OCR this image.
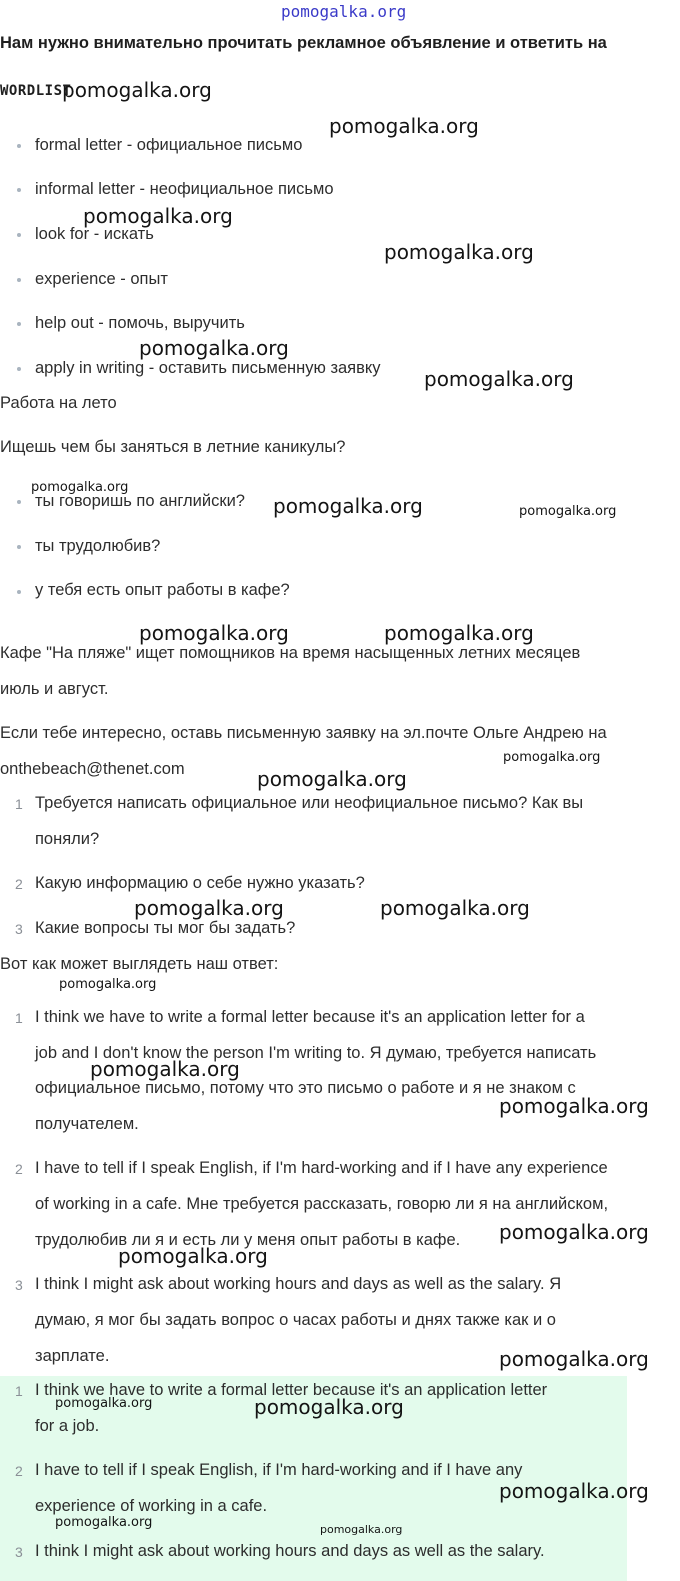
pomogalka.org
Нам нужно внимательно прочитать рекламное объявление и ответить на
WORDLIST
formal letter - официальное письмо
informal letter - неофициальное письмо
look for - искать
experience - опыт
help out - помочь, выручить
apply in writing - оставить письменную заявку
Работа на лето
Ищешь чем бы заняться в летние каникулы?
ты говоришь по английски?
ты трудолюбив?
у тебя есть опыт работы в кафе?
Кафе "На пляже" ищет помощников на время насыщенных летних месяцев
июль и август.
Если тебе интересно, оставь письменную заявку на эл.почте Ольге Андрею на
onthebeach@thenet.com
1 Требуется написать официальное или неофициальное письмо? Как вы
поняли?
2 Какую информацию о себе нужно указать?
3 Какие вопросы ты мог бы задать?
Вот как может выглядеть наш ответ:
1 I think we have to write a formal letter because it's an application letter for a
job and I don't know the person I'm writing to. Я думаю, требуется написать
официальное письмо, потому что это письмо о работе и я не знаком с
получателем.
2 I have to tell if I speak English, if I'm hard-working and if I have any experience
of working in a cafe. Мне требуется рассказать, говорю ли я на английском,
трудолюбив ли я и есть ли у меня опыт работы в кафе.
3 I think I might ask about working hours and days as well as the salary. Я
думаю, я мог бы задать вопрос о часах работы и днях также как и о
зарплате.
1 I think we have to write a formal letter because it's an application letter
for a job.
2 I have to tell if I speak English, if I'm hard-working and if I have any
experience of working in a cafe.
3 I think I might ask about working hours and days as well as the salary.
pomogalka.org
pomogalka.org
pomogalka.org
pomogalka.org
pomogalka.org
pomogalka.org
pomogalka.org
pomogalka.org	pomogalka.org
pomogalka.org	pomogalka.org
pomogalka.org
pomogalka.org
pomogalka.org	pomogalka.org
pomogalka.org
pomogalka.org
pomogalka.org
pomogalka.org
pomogalka.org
pomogalka.org
pomogalka.org	pomogalka.org
pomogalka.org
pomogalka.org	pomogalka.org
